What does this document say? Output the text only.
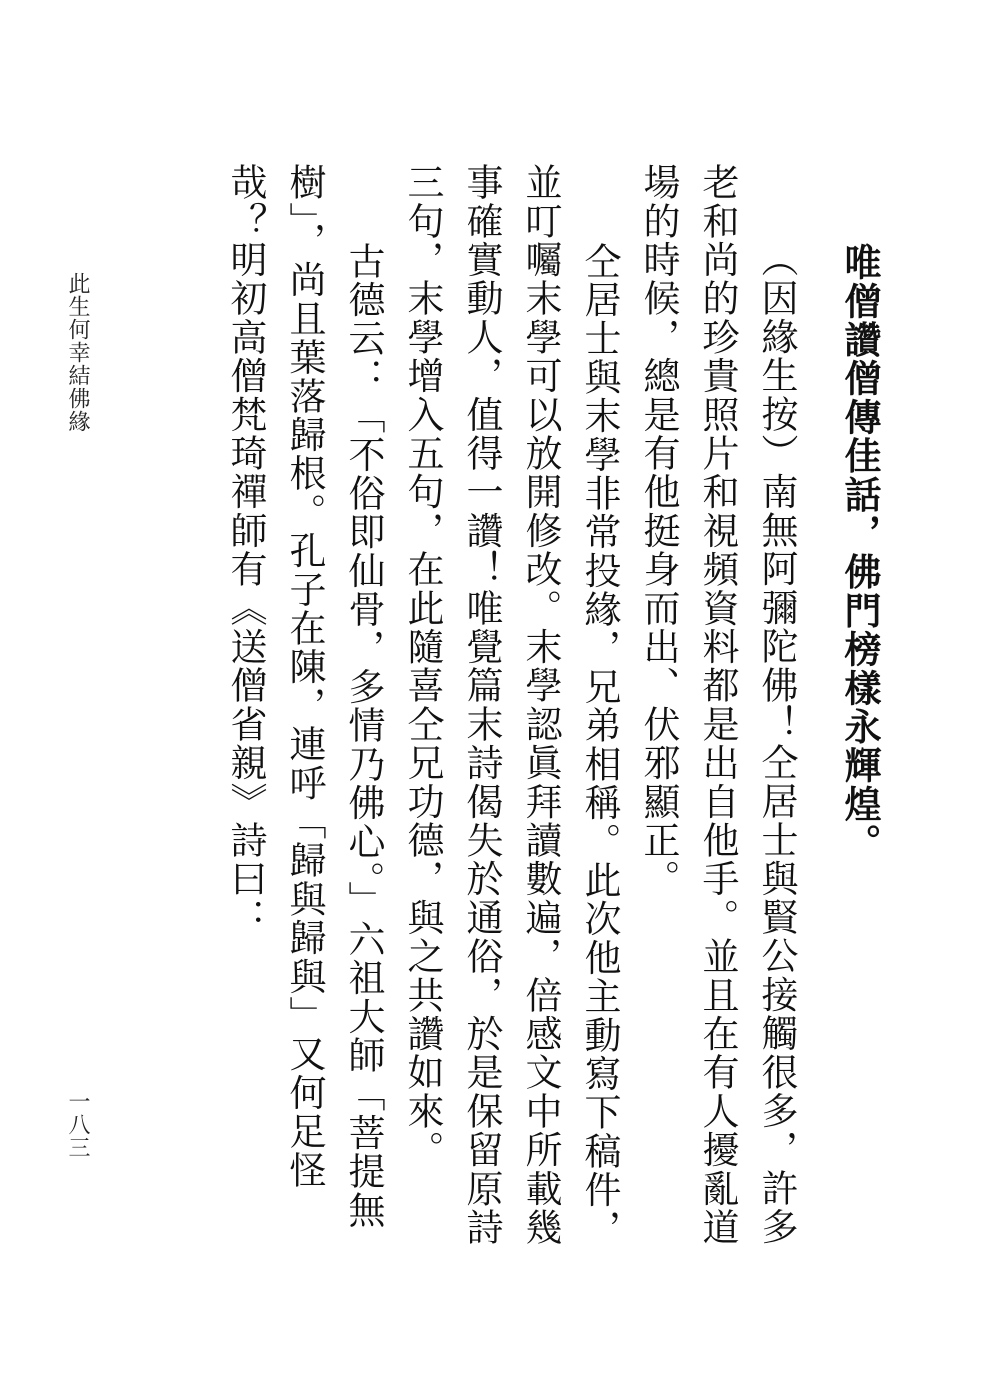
唯僧讚僧傳佳話，佛門榜樣永輝煌。
（因緣生按）南無阿彌陀佛！仝居士與賢公接觸很多，許多
老和尚的珍貴照片和視頻資料都是出自他手。並且在有人擾亂道
場的時候，總是有他挺身而出、伏邪顯正。
　仝居士與末學非常投緣，兄弟相稱。此次他主動寫下稿件，
並叮囑末學可以放開修改。末學認眞拜讀數遍，倍感文中所載幾
事確實動人，值得一讚！唯覺篇末詩偈失於通俗，於是保留原詩
三句，末學增入五句，在此隨喜仝兄功德，與之共讚如來。
　古德云：「不俗即仙骨，多情乃佛心。」六祖大師「菩提無
樹」，尚且葉落歸根。孔子在陳，連呼「歸與歸與」又何足怪
哉？明初高僧梵琦禪師有《送僧省親》詩曰：
此生何幸結佛緣
一八三
